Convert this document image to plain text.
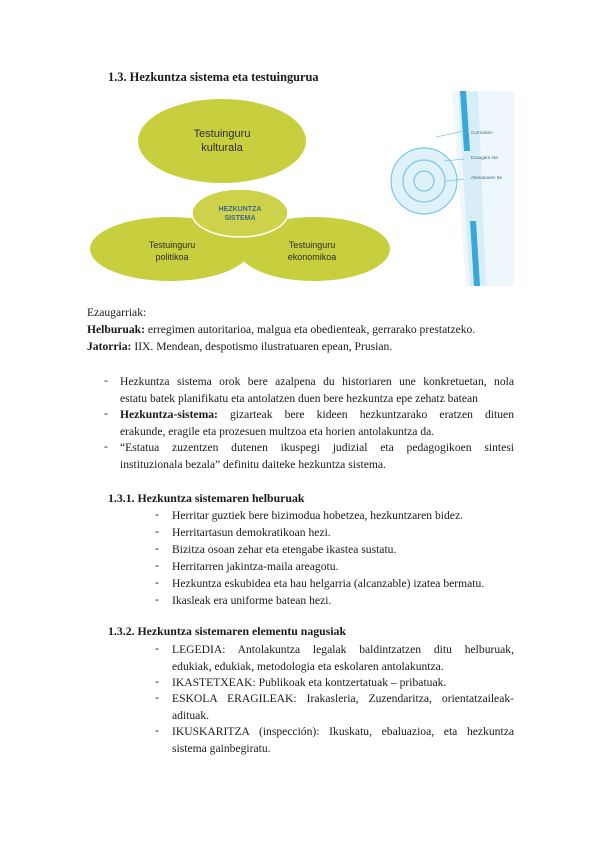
1.3. Hezkuntza sistema eta testuingurua
Curriculum
Ezaugarri eta
Abenduaren 6a
Testuinguru
kulturala
HEZKUNTZA
SISTEMA
Testuinguru
politikoa
Testuinguru
ekonomikoa
Ezaugarriak:
Helburuak: erregimen autoritarioa, malgua eta obedienteak, gerrarako prestatzeko.
Jatorria: IIX. Mendean, despotismo ilustratuaren epean, Prusian.
- Hezkuntza sistema orok bere azalpena du historiaren une konkretuetan, nola
estatu batek planifikatu eta antolatzen duen bere hezkuntza epe zehatz batean
- Hezkuntza-sistema: gizarteak bere kideen hezkuntzarako eratzen dituen
erakunde, eragile eta prozesuen multzoa eta horien antolakuntza da.
- “Estatua zuzentzen dutenen ikuspegi judizial eta pedagogikoen sintesi
instituzionala bezala” definitu daiteke hezkuntza sistema.
1.3.1. Hezkuntza sistemaren helburuak
- Herritar guztiek bere bizimodua hobetzea, hezkuntzaren bidez.
- Herritartasun demokratikoan hezi.
- Bizitza osoan zehar eta etengabe ikastea sustatu.
- Herritarren jakintza-maila areagotu.
- Hezkuntza eskubidea eta hau helgarria (alcanzable) izatea bermatu.
- Ikasleak era uniforme batean hezi.
1.3.2. Hezkuntza sistemaren elementu nagusiak
- LEGEDIA: Antolakuntza legalak baldintzatzen ditu helburuak,
edukiak, edukiak, metodologia eta eskolaren antolakuntza.
- IKASTETXEAK: Publikoak eta kontzertatuak – pribatuak.
- ESKOLA ERAGILEAK: Irakasleria, Zuzendaritza, orientatzaileak-
adituak.
- IKUSKARITZA (inspección): Ikuskatu, ebaluazioa, eta hezkuntza
sistema gainbegiratu.
